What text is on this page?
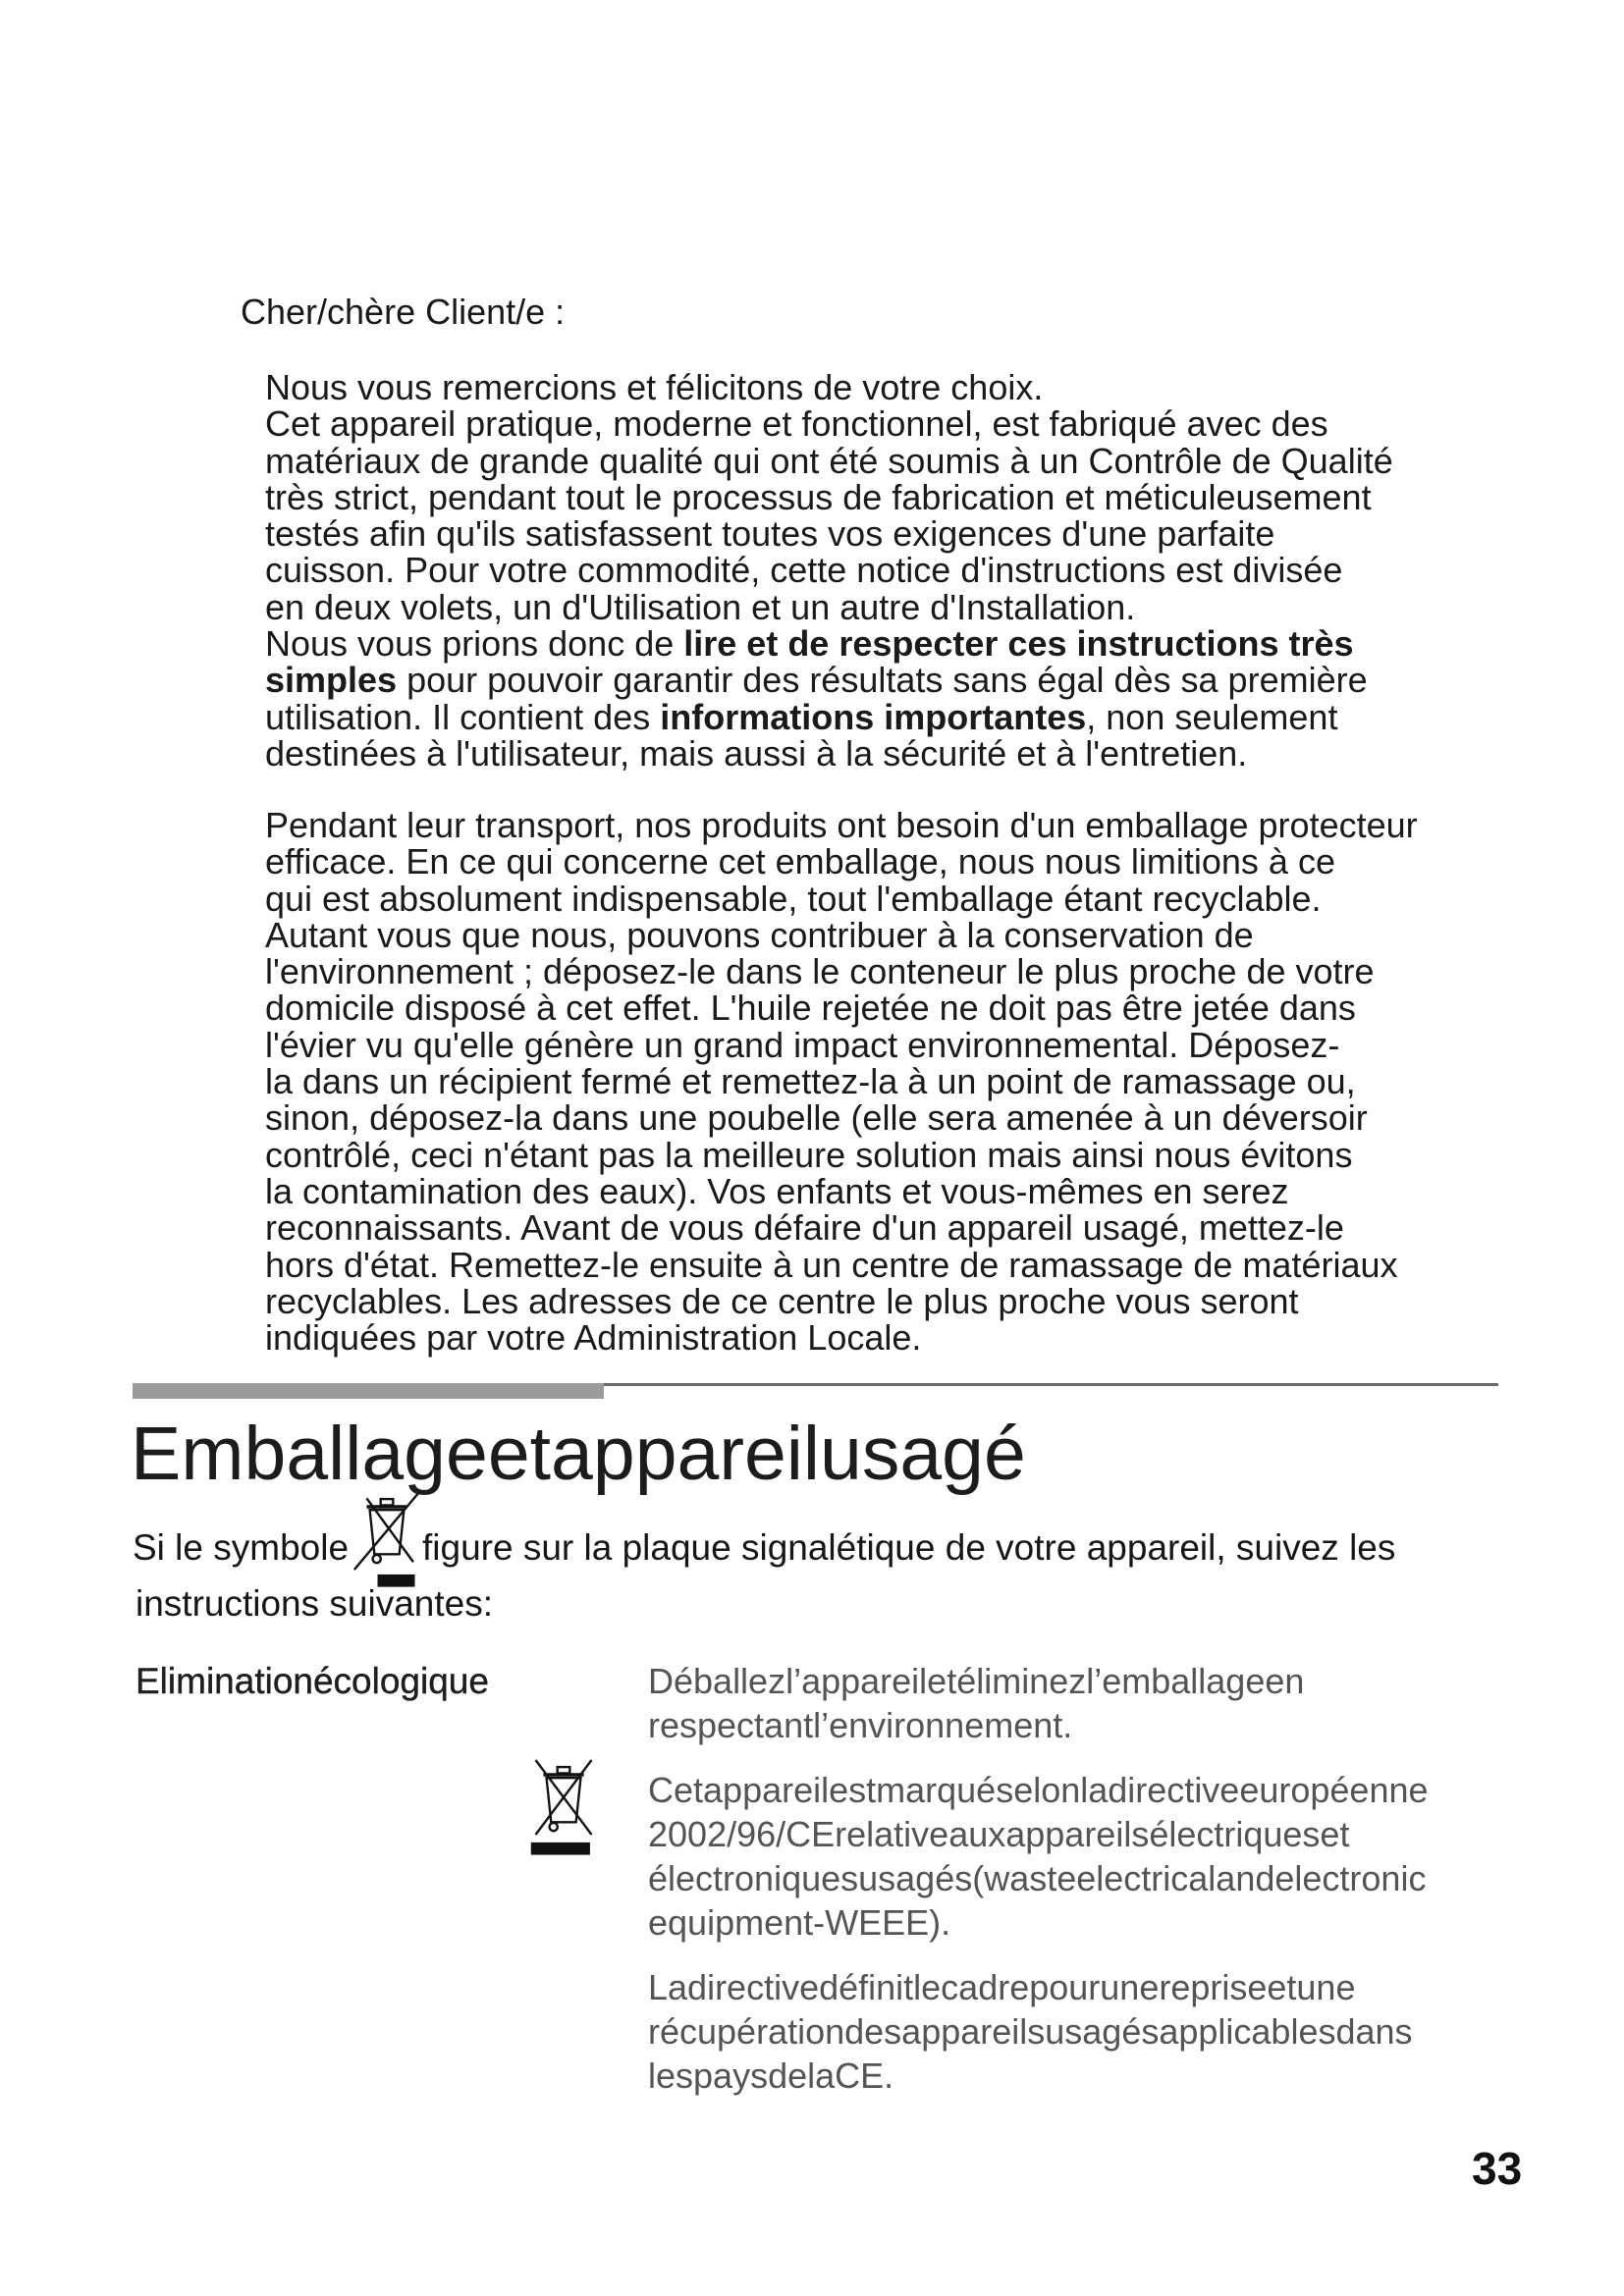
Cher/chère Client/e :
Nous vous remercions et félicitons de votre choix.
Cet appareil pratique, moderne et fonctionnel, est fabriqué avec des
matériaux de grande qualité qui ont été soumis à un Contrôle de Qualité
très strict, pendant tout le processus de fabrication et méticuleusement
testés afin qu'ils satisfassent toutes vos exigences d'une parfaite
cuisson. Pour votre commodité, cette notice d'instructions est divisée
en deux volets, un d'Utilisation et un autre d'Installation.
Nous vous prions donc de lire et de respecter ces instructions très
simples pour pouvoir garantir des résultats sans égal dès sa première
utilisation. Il contient des informations importantes, non seulement
destinées à l'utilisateur, mais aussi à la sécurité et à l'entretien.
Pendant leur transport, nos produits ont besoin d'un emballage protecteur
efficace. En ce qui concerne cet emballage, nous nous limitions à ce
qui est absolument indispensable, tout l'emballage étant recyclable.
Autant vous que nous, pouvons contribuer à la conservation de
l'environnement ; déposez-le dans le conteneur le plus proche de votre
domicile disposé à cet effet. L'huile rejetée ne doit pas être jetée dans
l'évier vu qu'elle génère un grand impact environnemental. Déposez-
la dans un récipient fermé et remettez-la à un point de ramassage ou,
sinon, déposez-la dans une poubelle (elle sera amenée à un déversoir
contrôlé, ceci n'étant pas la meilleure solution mais ainsi nous évitons
la contamination des eaux). Vos enfants et vous-mêmes en serez
reconnaissants. Avant de vous défaire d'un appareil usagé, mettez-le
hors d'état. Remettez-le ensuite à un centre de ramassage de matériaux
recyclables. Les adresses de ce centre le plus proche vous seront
indiquées par votre Administration Locale.
Emballageetappareilusagé
Si le symbole figure sur la plaque signalétique de votre appareil, suivez les
instructions suivantes:
Eliminationécologique	Déballezl’appareiletéliminezl’emballageen
respectantl’environnement.
Cetappareilestmarquéselonladirectiveeuropéenne
2002/96/CErelativeauxappareilsélectriqueset
électroniquesusagés(wasteelectricalandelectronic
equipment-WEEE).
Ladirectivedéfinitlecadrepourunerepriseetune
récupérationdesappareilsusagésapplicablesdans
lespaysdelaCE.
33
